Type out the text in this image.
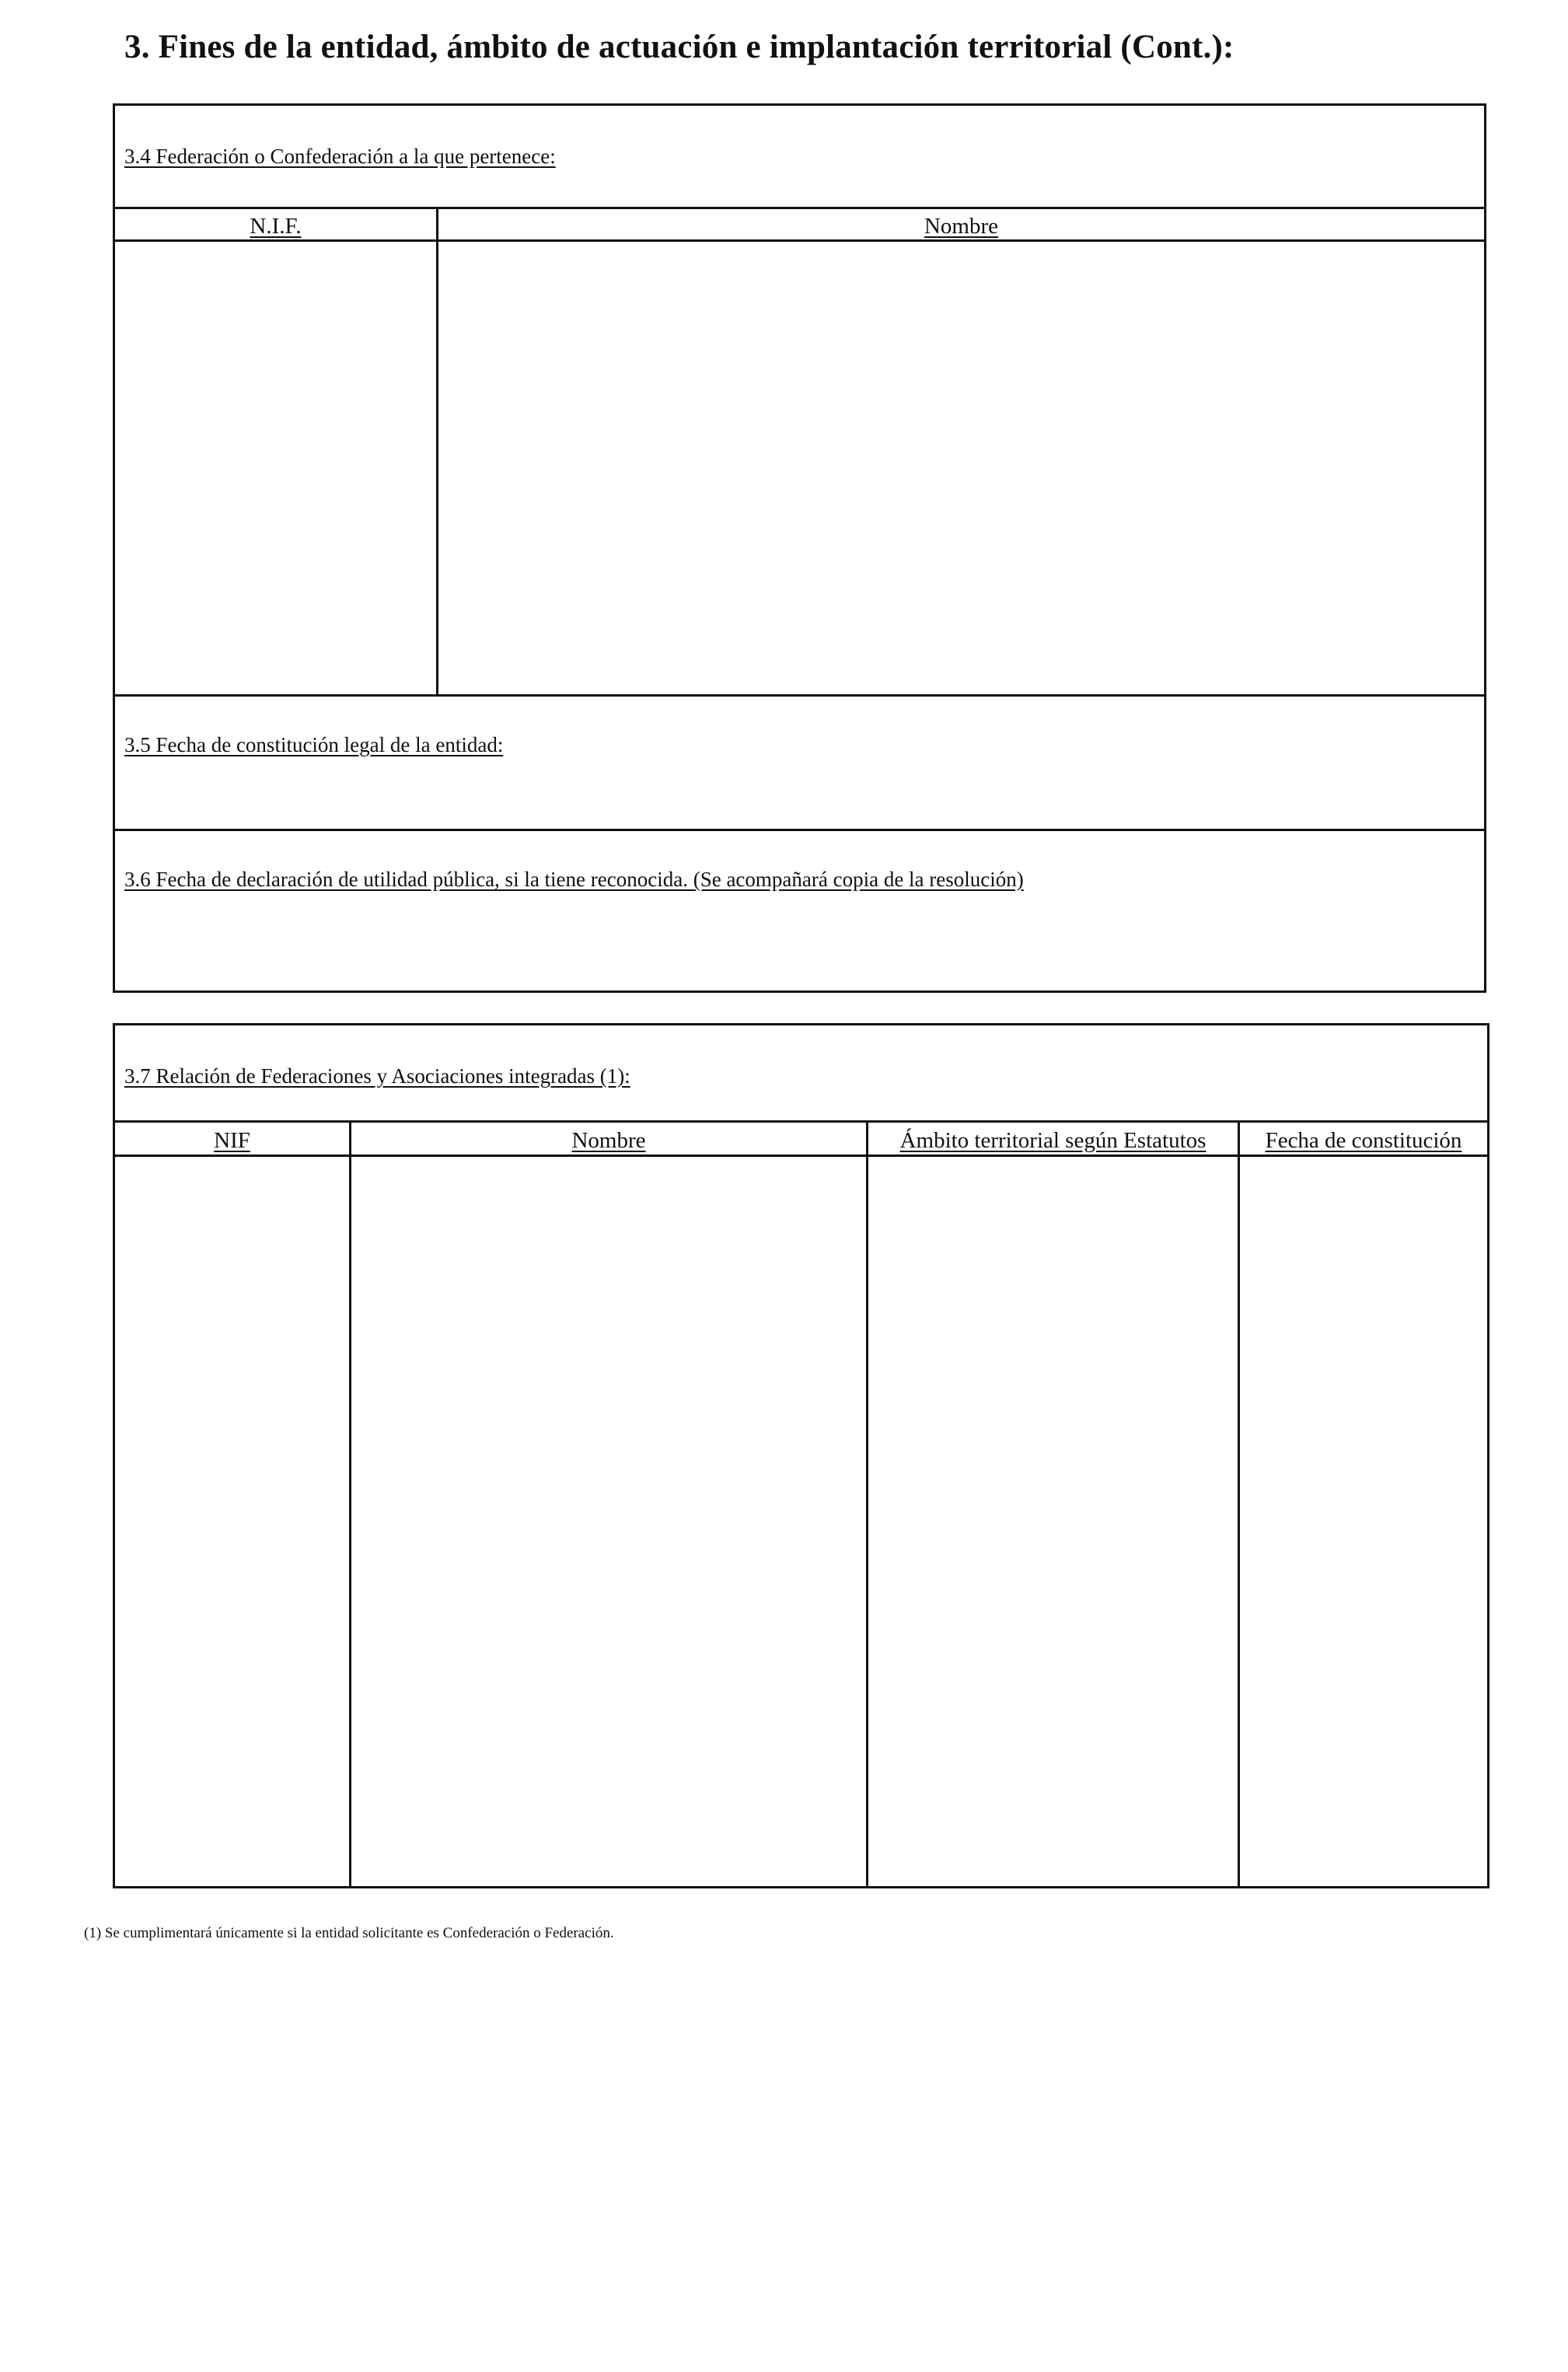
3. Fines de la entidad, ámbito de actuación e implantación territorial (Cont.):
3.4 Federación o Confederación a la que pertenece:
N.I.F.	Nombre
3.5 Fecha de constitución legal de la entidad:
3.6 Fecha de declaración de utilidad pública, si la tiene reconocida. (Se acompañará copia de la resolución)
3.7 Relación de Federaciones y Asociaciones integradas (1):
NIF	Nombre	Ámbito territorial según Estatutos	Fecha de constitución
(1) Se cumplimentará únicamente si la entidad solicitante es Confederación o Federación.
